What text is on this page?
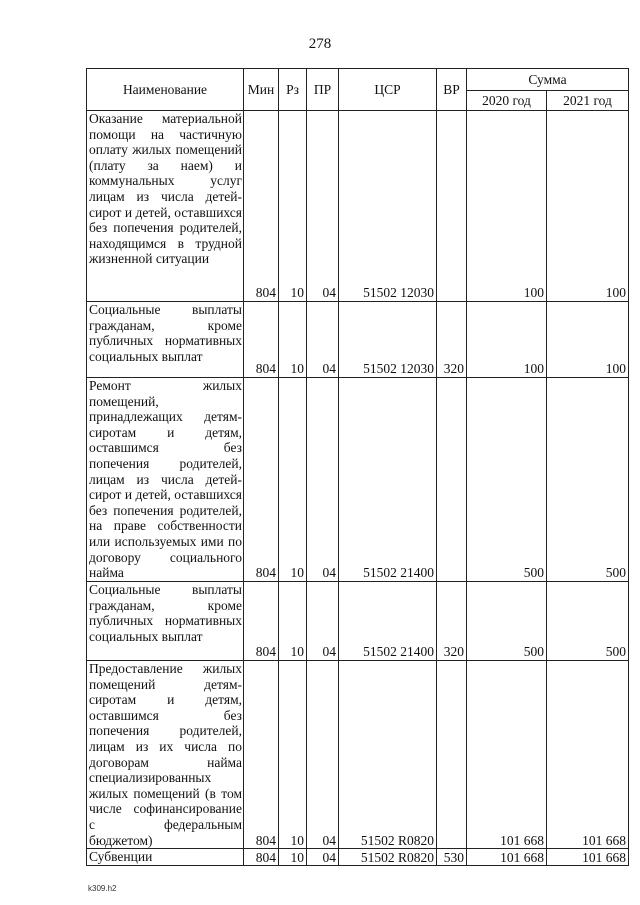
278
Наименование	Мин	Рз	ПР	ЦСР	ВР	Сумма	
						2020 год	2021 год
Оказание материальной помощи на частичную оплату жилых помещений (плату за наем) и коммунальных услуг лицам из числа детей-сирот и детей, оставшихся без попечения родителей, находящимся в трудной жизненной ситуации	804	10	04	51502 12030		100	100
Социальные выплаты гражданам, кроме публичных нормативных социальных выплат	804	10	04	51502 12030	320	100	100
Ремонт жилых помещений, принадлежащих детям-сиротам и детям, оставшимся без попечения родителей, лицам из числа детей-сирот и детей, оставшихся без попечения родителей, на праве собственности или используемых ими по договору социального найма	804	10	04	51502 21400		500	500
Социальные выплаты гражданам, кроме публичных нормативных социальных выплат	804	10	04	51502 21400	320	500	500
Предоставление жилых помещений детям-сиротам и детям, оставшимся без попечения родителей, лицам из их числа по договорам найма специализированных жилых помещений (в том числе софинансирование с федеральным бюджетом)	804	10	04	51502 R0820		101 668	101 668
Субвенции	804	10	04	51502 R0820	530	101 668	101 668
k309.h2
